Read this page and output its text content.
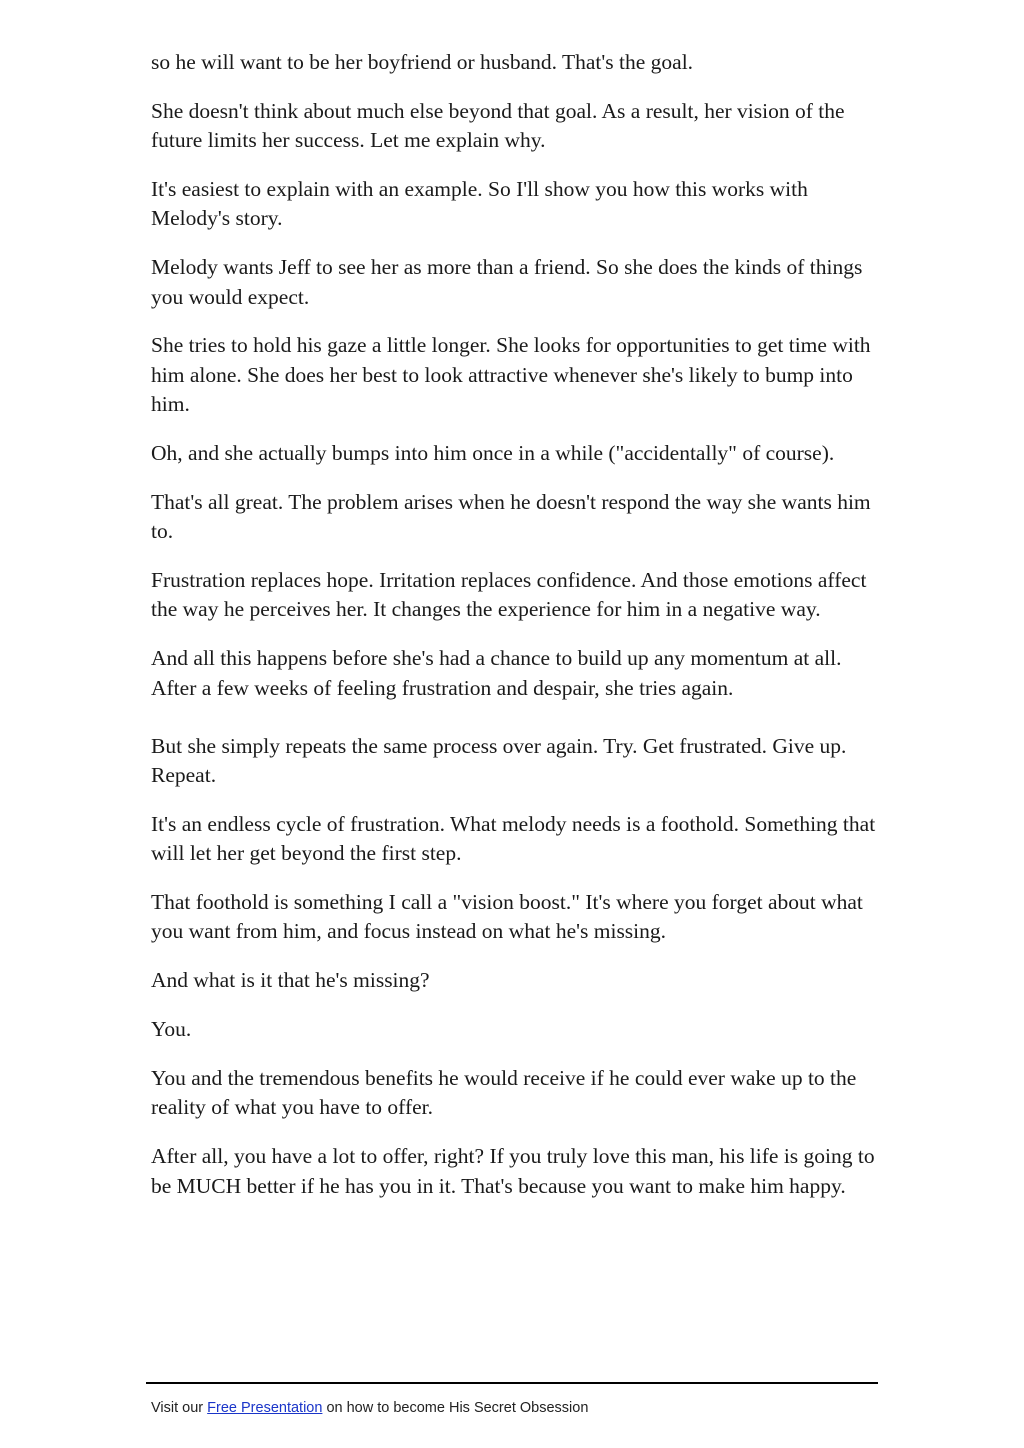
so he will want to be her boyfriend or husband. That's the goal.

She doesn't think about much else beyond that goal. As a result, her vision of the future limits her success. Let me explain why.

It's easiest to explain with an example. So I'll show you how this works with Melody's story.

Melody wants Jeff to see her as more than a friend. So she does the kinds of things you would expect.

She tries to hold his gaze a little longer. She looks for opportunities to get time with him alone. She does her best to look attractive whenever she's likely to bump into him.

Oh, and she actually bumps into him once in a while ("accidentally" of course).

That's all great. The problem arises when he doesn't respond the way she wants him to.

Frustration replaces hope. Irritation replaces confidence. And those emotions affect the way he perceives her. It changes the experience for him in a negative way.

And all this happens before she's had a chance to build up any momentum at all. After a few weeks of feeling frustration and despair, she tries again.

But she simply repeats the same process over again. Try. Get frustrated. Give up. Repeat.

It's an endless cycle of frustration. What melody needs is a foothold. Something that will let her get beyond the first step.

That foothold is something I call a "vision boost." It's where you forget about what you want from him, and focus instead on what he's missing.

And what is it that he's missing?

You.

You and the tremendous benefits he would receive if he could ever wake up to the reality of what you have to offer.

After all, you have a lot to offer, right? If you truly love this man, his life is going to be MUCH better if he has you in it. That's because you want to make him happy.

Visit our Free Presentation on how to become His Secret Obsession
